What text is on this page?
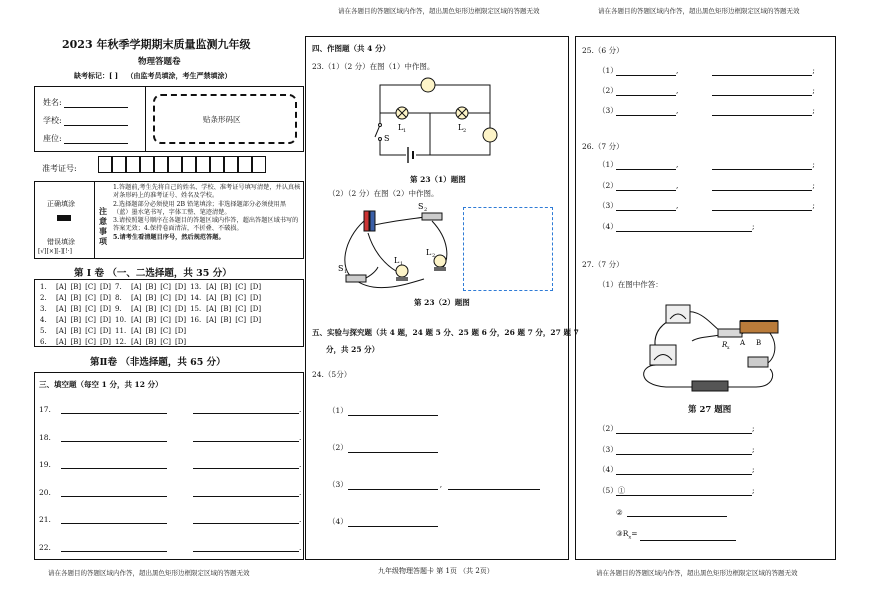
请在各题目的答题区域内作答，超出黑色矩形边框限定区域的答题无效	请在各题目的答题区域内作答，超出黑色矩形边框限定区域的答题无效
2023 年秋季学期期末质量监测九年级
物理答题卷
缺考标记：[ ] （由监考员填涂，考生严禁填涂）
姓名:
学校:
座位:
贴条形码区
准考证号:
正确填涂
错误填涂
[√][×][-][!·]
注意事项
1.答题前,考生先将自己的姓名、学校、准考证号填写清楚，并认真核对条形码上的准考证号、姓名及学校。
2.选择题部分必须使用 2B 铅笔填涂；非选择题部分必须使用黑（蓝）墨水笔书写，字体工整、笔迹清楚。
3.请按照题号顺序在各题目的答题区域内作答，超出答题区域书写的答案无效；4.保持卷面清洁，不折叠、不破损。
5.请考生看清题目序号，然后规范答题。
第 Ⅰ 卷 （一、二选择题，共 35 分）
1.	[A]	[B]	[C]	[D]	7.	[A]	[B]	[C]	[D]	13.	[A]	[B]	[C]	[D]
2.	[A]	[B]	[C]	[D]	8.	[A]	[B]	[C]	[D]	14.	[A]	[B]	[C]	[D]
3.	[A]	[B]	[C]	[D]	9.	[A]	[B]	[C]	[D]	15.	[A]	[B]	[C]	[D]
4.	[A]	[B]	[C]	[D]	10.	[A]	[B]	[C]	[D]	16.	[A]	[B]	[C]	[D]
5.	[A]	[B]	[C]	[D]	11.	[A]	[B]	[C]	[D]					
6.	[A]	[B]	[C]	[D]	12.	[A]	[B]	[C]	[D]					
第Ⅱ卷 （非选择题，共 65 分）
三、填空题（每空 1 分，共 12 分）
17.	.
18.	.
19.	.
20.	.
21.	.
22.	.
请在各题目的答题区域内作答，超出黑色矩形边框限定区域的答题无效
四、作图题（共 4 分）
23.（1）（2 分）在图（1）中作图。
S
L 1	L 2
第 23（1）题图
（2）（2 分）在图（2）中作图。
S 2
S 1
L 1
L 2
第 23（2）题图
五、实验与探究题（共 4 题，24 题 5 分、25 题 6 分，26 题 7 分，27 题 7
分，共 25 分）
24.（5分）
（1）
（2）
（3）	,
（4）
九年级物理答题卡 第 1页 （共 2页）
25.（6 分）
（1）	,	;
（2）	,	;
（3）	,	;
26.（7 分）
（1）	,	;
（2）	,	;
（3）	,	;
（4）	;
27.（7 分）
（1）在图中作答：
R x
A B
第 27 题图
（2）	;
（3）	;
（4）	;
（5）①	;
②
$③R_x=$
请在各题目的答题区域内作答，超出黑色矩形边框限定区域的答题无效
